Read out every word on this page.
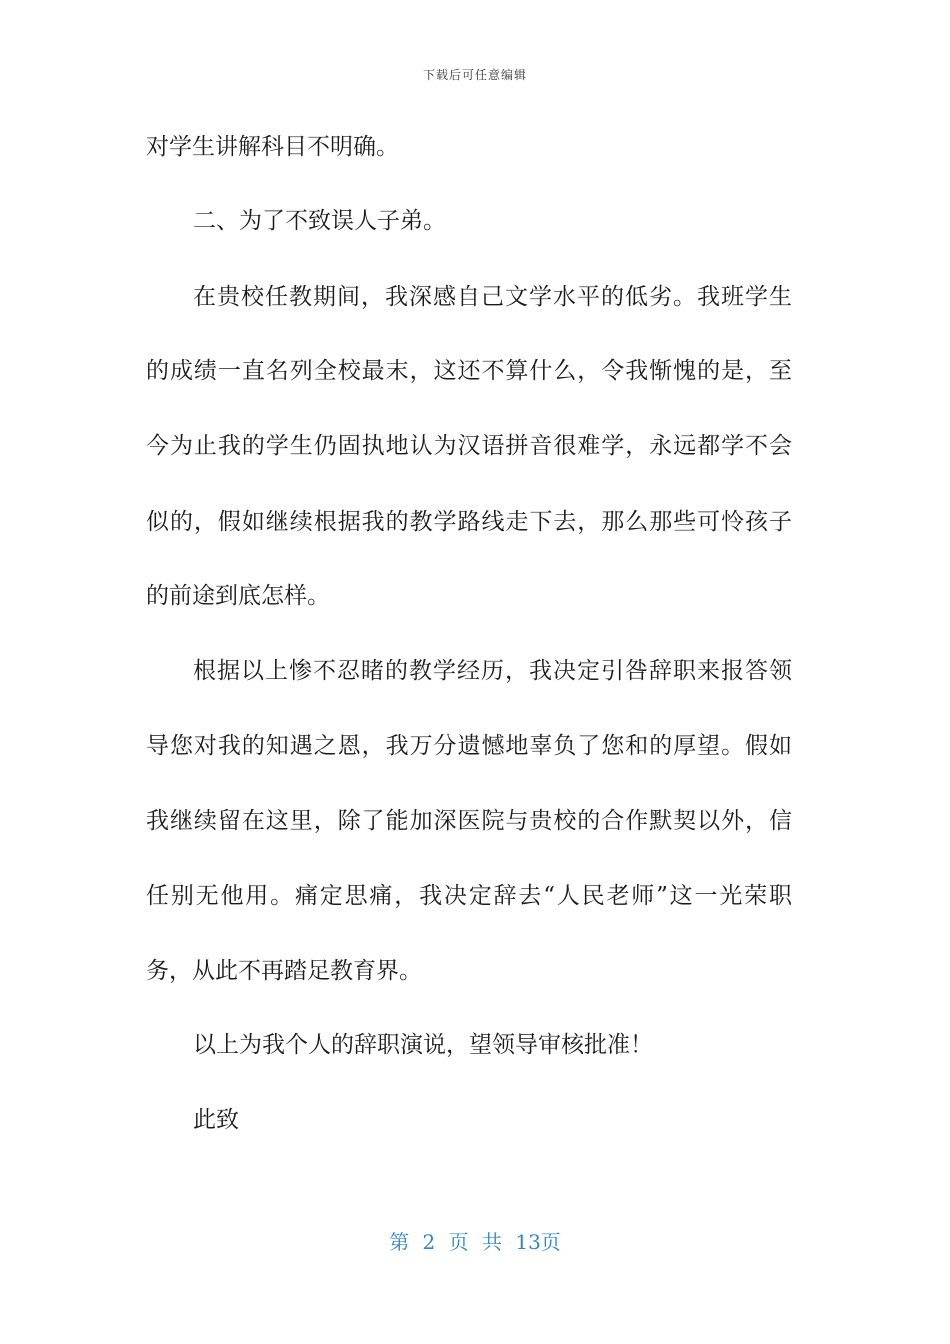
下载后可任意编辑
对学生讲解科目不明确。
二、为了不致误人子弟。
在贵校任教期间，我深感自己文学水平的低劣。我班学生
的成绩一直名列全校最末，这还不算什么，令我惭愧的是，至
今为止我的学生仍固执地认为汉语拼音很难学，永远都学不会
似的，假如继续根据我的教学路线走下去，那么那些可怜孩子
的前途到底怎样。
根据以上惨不忍睹的教学经历，我决定引咎辞职来报答领
导您对我的知遇之恩，我万分遗憾地辜负了您和的厚望。假如
我继续留在这里，除了能加深医院与贵校的合作默契以外，信
任别无他用。痛定思痛，我决定辞去“人民老师”这一光荣职
务，从此不再踏足教育界。
以上为我个人的辞职演说，望领导审核批准！
此致
第 2 页 共 13页
